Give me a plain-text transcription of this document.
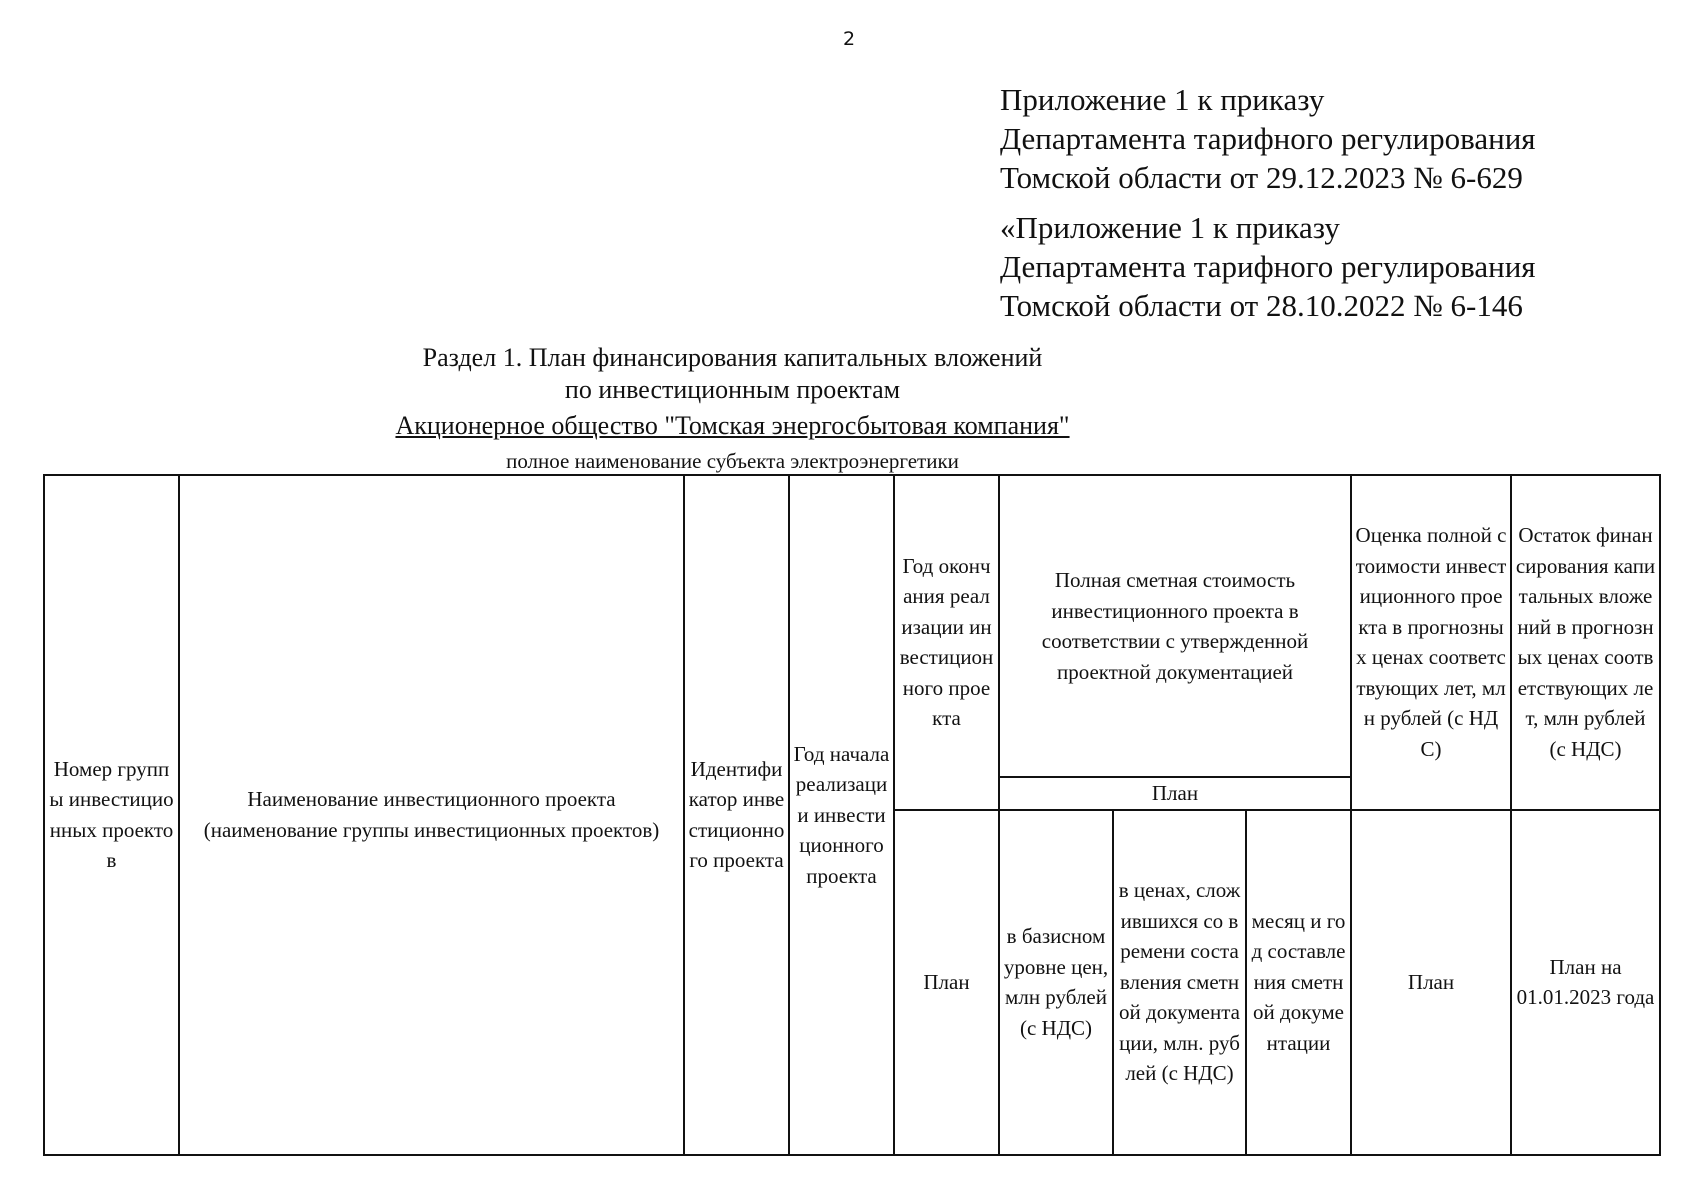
2
Приложение 1 к приказу
Департамента тарифного регулирования
Томской области от 29.12.2023 № 6-629
«Приложение 1 к приказу
Департамента тарифного регулирования
Томской области от 28.10.2022 № 6-146
Раздел 1. План финансирования капитальных вложений
по инвестиционным проектам
Акционерное общество "Томская энергосбытовая компания"
полное наименование субъекта электроэнергетики
Номер группы инвестиционных проектов	Наименование инвестиционного проекта (наименование группы инвестиционных проектов)	Идентификатор инвестиционного проекта	Год начала реализации инвестиционного проекта	Год окончания реализации инвестиционного проекта	Полная сметная стоимость инвестиционного проекта в соответствии с утвержденной проектной документацией			Оценка полной стоимости инвестиционного проекта в прогнозных ценах соответствующих лет, млн рублей (с НДС)	Остаток финансирования капитальных вложений в прогнозных ценах соответствующих лет, млн рублей (с НДС)
					План				
				План	в базисном уровне цен, млн рублей (с НДС)	в ценах, сложившихся со времени составления сметной документации, млн. рублей (с НДС)	месяц и год составления сметной документации	План	План на 01.01.2023 года
